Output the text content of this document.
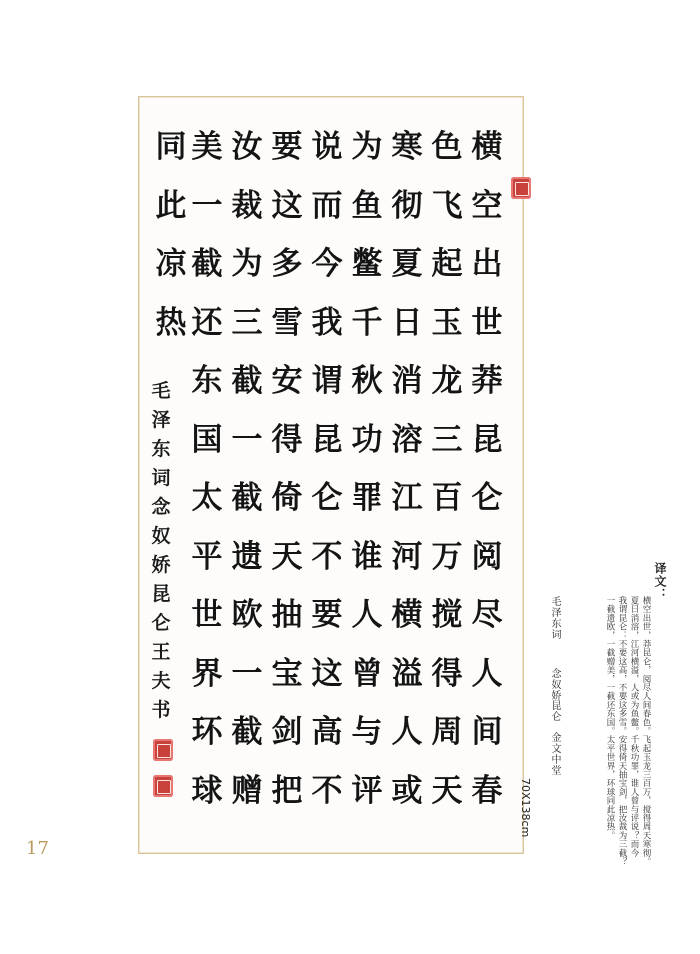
横
空
出
世
莽
昆
仑
阅
尽
人
间
春
色
飞
起
玉
龙
三
百
万
搅
得
周
天
寒
彻
夏
日
消
溶
江
河
横
溢
人
或
为
鱼
鳖
千
秋
功
罪
谁
人
曾
与
评
说
而
今
我
谓
昆
仑
不
要
这
高
不
要
这
多
雪
安
得
倚
天
抽
宝
剑
把
汝
裁
为
三
截
一
截
遗
欧
一
截
赠
美
一
截
还
东
国
太
平
世
界
环
球
同
此
凉
热
毛
泽
东
词
念
奴
娇
昆
仑
王
夫
书
译文：
横空出世，莽昆仑，阅尽人间春色。飞起玉龙三百万，搅得周天寒彻。
夏日消溶，江河横溢，人或为鱼鳖。千秋功罪，谁人曾与评说？而今
我谓昆仑：不要这高，不要这多雪。安得倚天抽宝剑，把汝裁为三截？
一截遗欧，一截赠美，一截还东国。太平世界，环球同此凉热。
毛泽东词
念奴娇
昆仑
金文中堂
70X138cm
17
